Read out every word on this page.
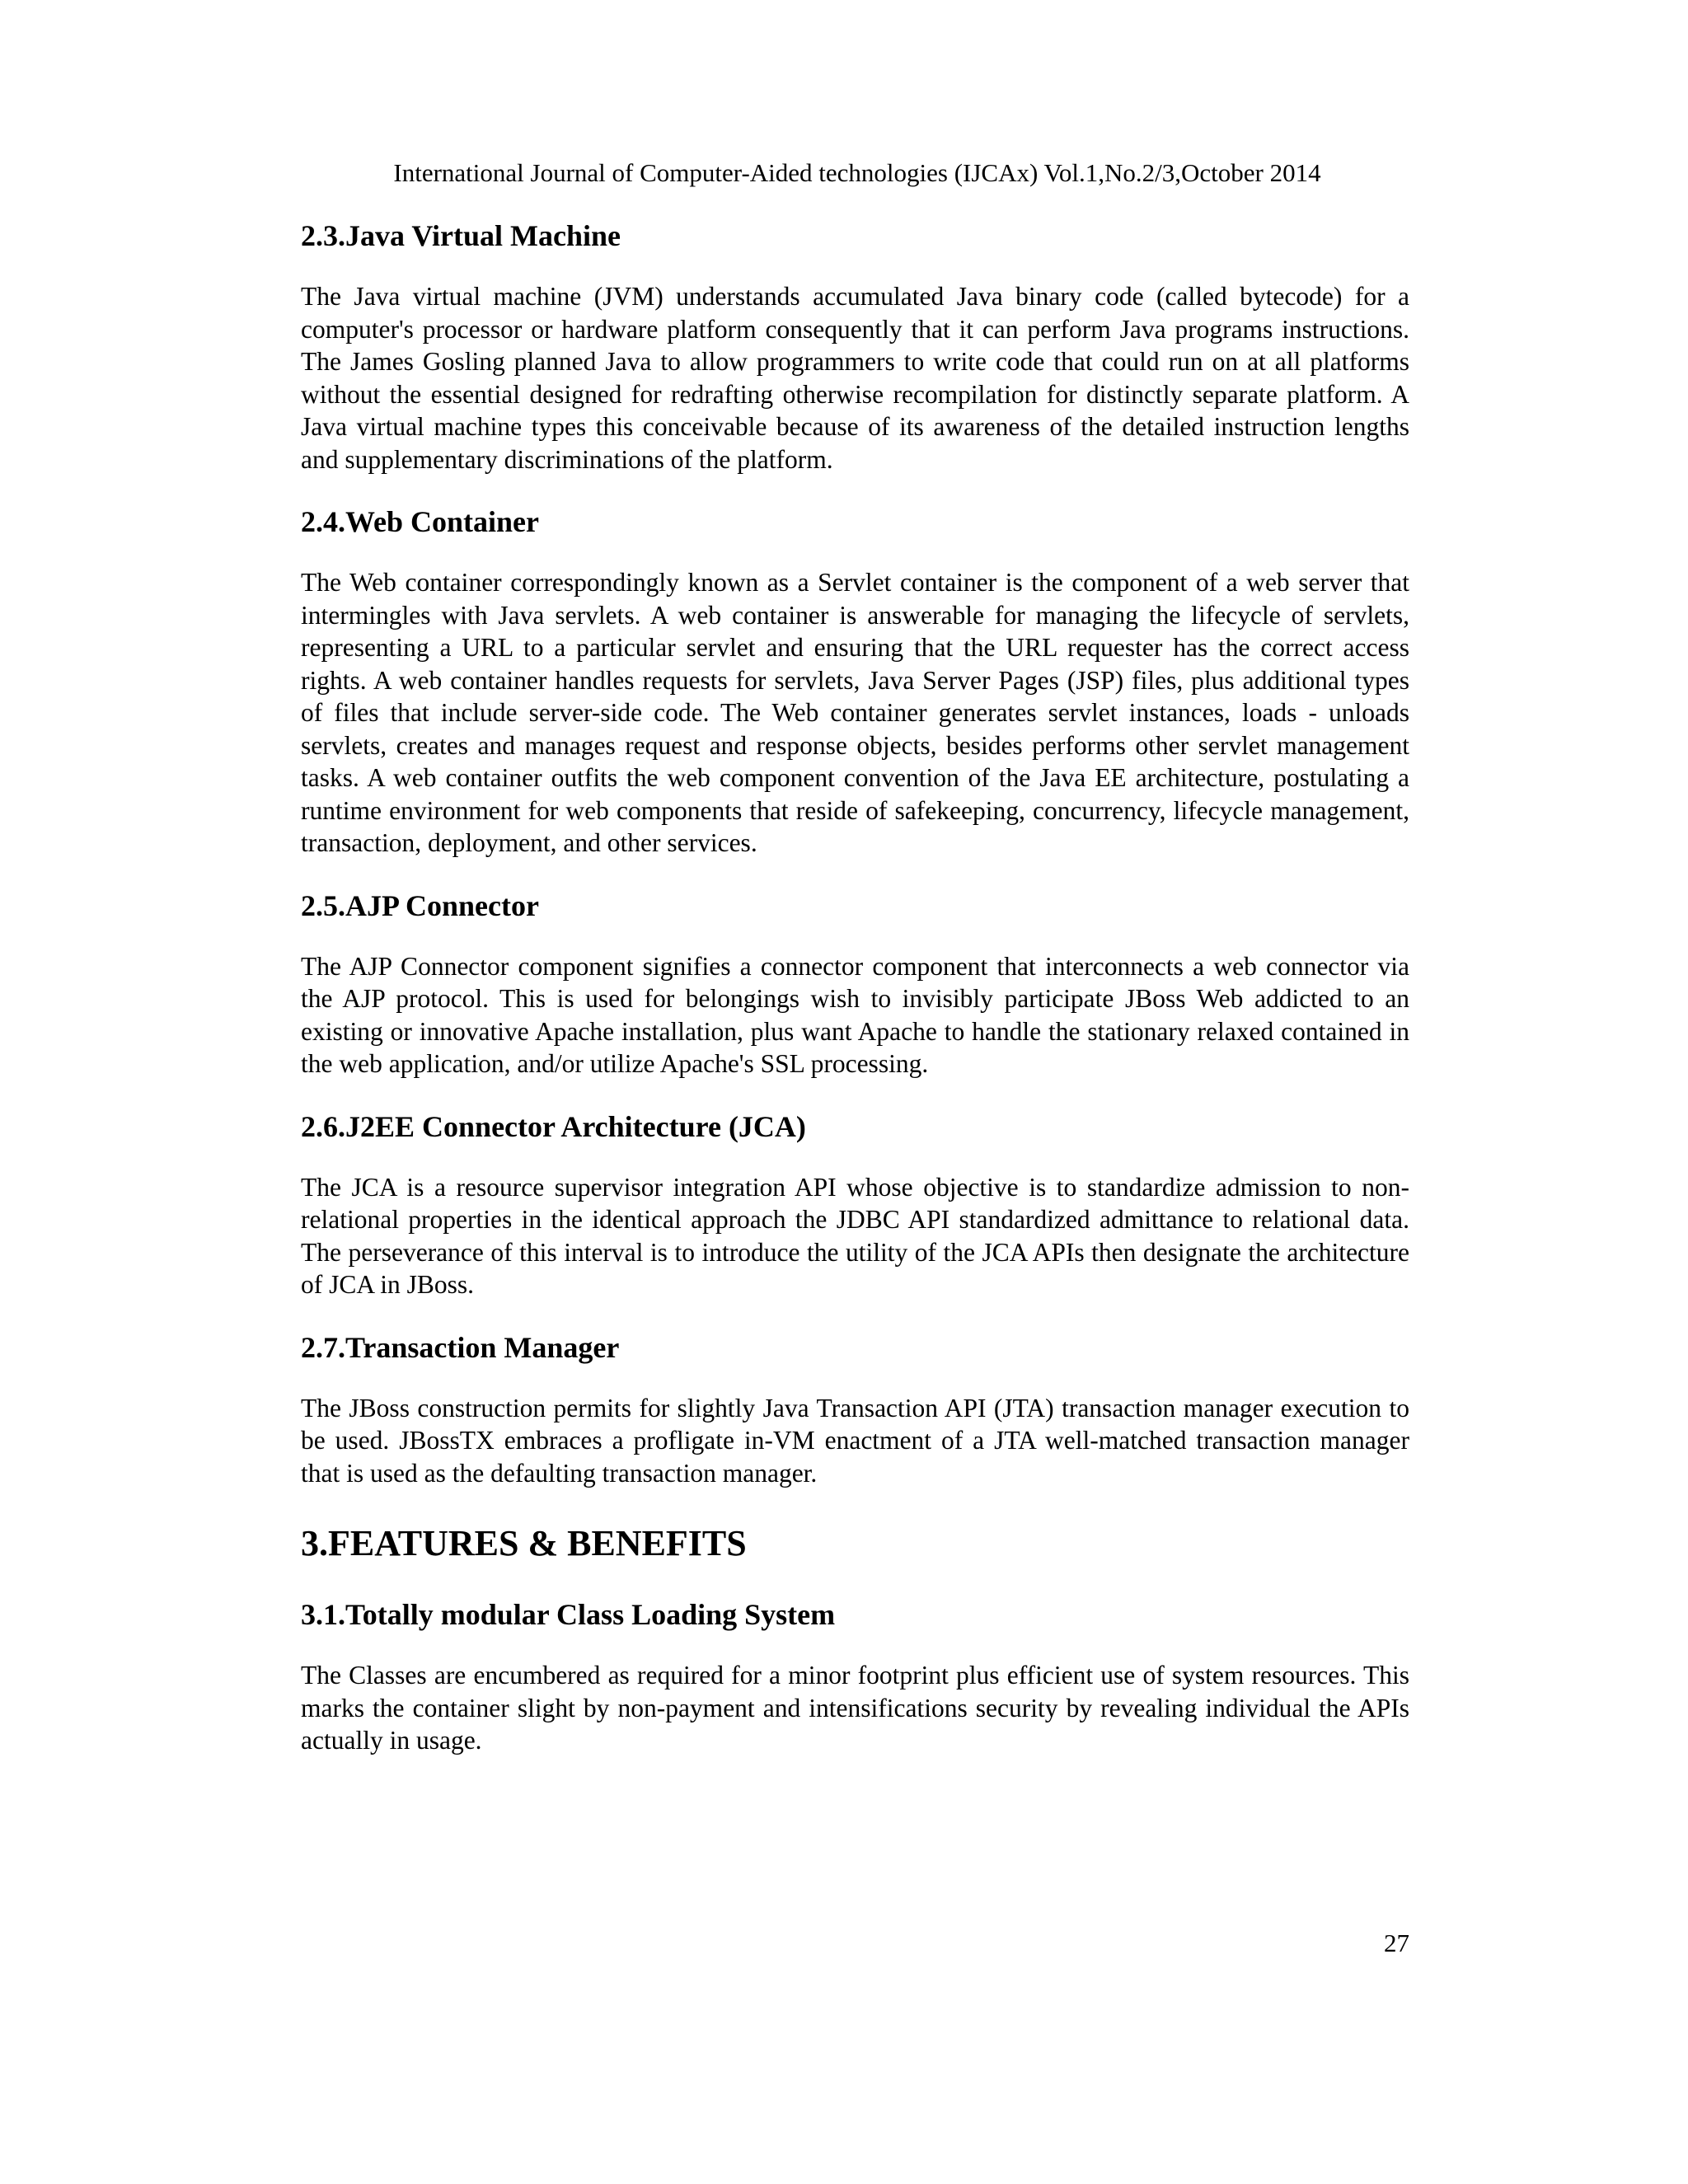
International Journal of Computer-Aided technologies (IJCAx) Vol.1,No.2/3,October 2014
2.3.Java Virtual Machine

The Java virtual machine (JVM) understands accumulated Java binary code (called bytecode) for a computer's processor or hardware platform consequently that it can perform Java programs instructions. The James Gosling planned Java to allow programmers to write code that could run on at all platforms without the essential designed for redrafting otherwise recompilation for distinctly separate platform. A Java virtual machine types this conceivable because of its awareness of the detailed instruction lengths and supplementary discriminations of the platform.

2.4.Web Container

The Web container correspondingly known as a Servlet container is the component of a web server that intermingles with Java servlets. A web container is answerable for managing the lifecycle of servlets, representing a URL to a particular servlet and ensuring that the URL requester has the correct access rights. A web container handles requests for servlets, Java Server Pages (JSP) files, plus additional types of files that include server-side code. The Web container generates servlet instances, loads - unloads servlets, creates and manages request and response objects, besides performs other servlet management tasks. A web container outfits the web component convention of the Java EE architecture, postulating a runtime environment for web components that reside of safekeeping, concurrency, lifecycle management, transaction, deployment, and other services.

2.5.AJP Connector

The AJP Connector component signifies a connector component that interconnects a web connector via the AJP protocol. This is used for belongings wish to invisibly participate JBoss Web addicted to an existing or innovative Apache installation, plus want Apache to handle the stationary relaxed contained in the web application, and/or utilize Apache's SSL processing.

2.6.J2EE Connector Architecture (JCA)

The JCA is a resource supervisor integration API whose objective is to standardize admission to non-relational properties in the identical approach the JDBC API standardized admittance to relational data. The perseverance of this interval is to introduce the utility of the JCA APIs then designate the architecture of JCA in JBoss.

2.7.Transaction Manager

The JBoss construction permits for slightly Java Transaction API (JTA) transaction manager execution to be used. JBossTX embraces a profligate in-VM enactment of a JTA well-matched transaction manager that is used as the defaulting transaction manager.

3.FEATURES & BENEFITS
3.1.Totally modular Class Loading System

The Classes are encumbered as required for a minor footprint plus efficient use of system resources. This marks the container slight by non-payment and intensifications security by revealing individual the APIs actually in usage.

27
